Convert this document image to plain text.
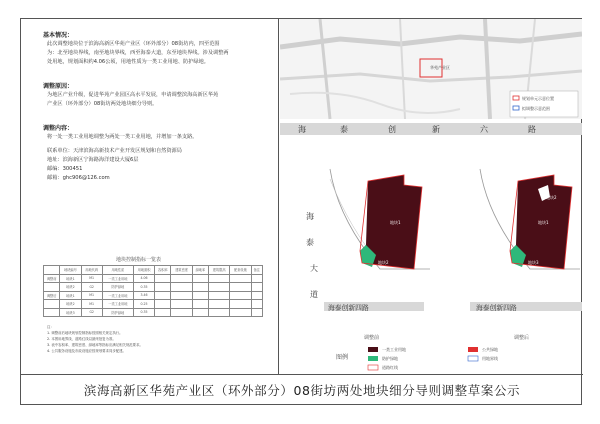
基本情况：
此次调整地块位于滨海高新区华苑产业区（环外部分）08街坊内，四至范围
为：北至地块界线，南至地块界线，西至海泰大道，东至地块界线。涉及调整两
处用地，规划面积约4.06公顷，用地性质为一类工业用地、防护绿地。
调整原因：
为地区产业升级，促进华苑产业园区高水平发展，申请调整滨海高新区华苑
产业区（环外部分）08街坊两处地块细分导则。
调整内容：
将一处一类工业用地调整为两处一类工业用地，并增加一条支路。
联系单位：天津滨海高新技术产业开发区规划和自然资源局
地址：滨海新区宁海路海洋建设大厦6层
邮编：300451
邮箱：ghc906@126.com
地块控制指标一览表
	地块编号	用地代码	用地性质	用地面积	容积率	建筑密度	绿地率	建筑限高	配套设施	备注
调整前	地块1	M1	一类工业用地	4.06						
	地块2	G2	防护绿地	0.35						
调整后	地块1	M1	一类工业用地	3.46						
	地块2	M1	一类工业用地	0.25						
	地块3	G2	防护绿地	0.35						
注：
1. 调整前后地块规划控制指标按照相关规定执行。
2. 本图用地界线、道路红线以最终批复为准。
3. 表中容积率、建筑密度、绿地率等指标应满足相关规范要求。
4. 公共服务设施及市政设施应按规划要求同步配建。
规划单元示意位置
拟调整示意范围
华苑产业区
海	泰	创	新	六	路
海
泰
大
道
地块1
地块2
海泰创新四路
调整前
地块1
地块2
地块3
海泰创新四路
调整后
图例
一类工业用地
防护绿地
道路红线
公共绿地
用地界线
滨海高新区华苑产业区（环外部分）08街坊两处地块细分导则调整草案公示
